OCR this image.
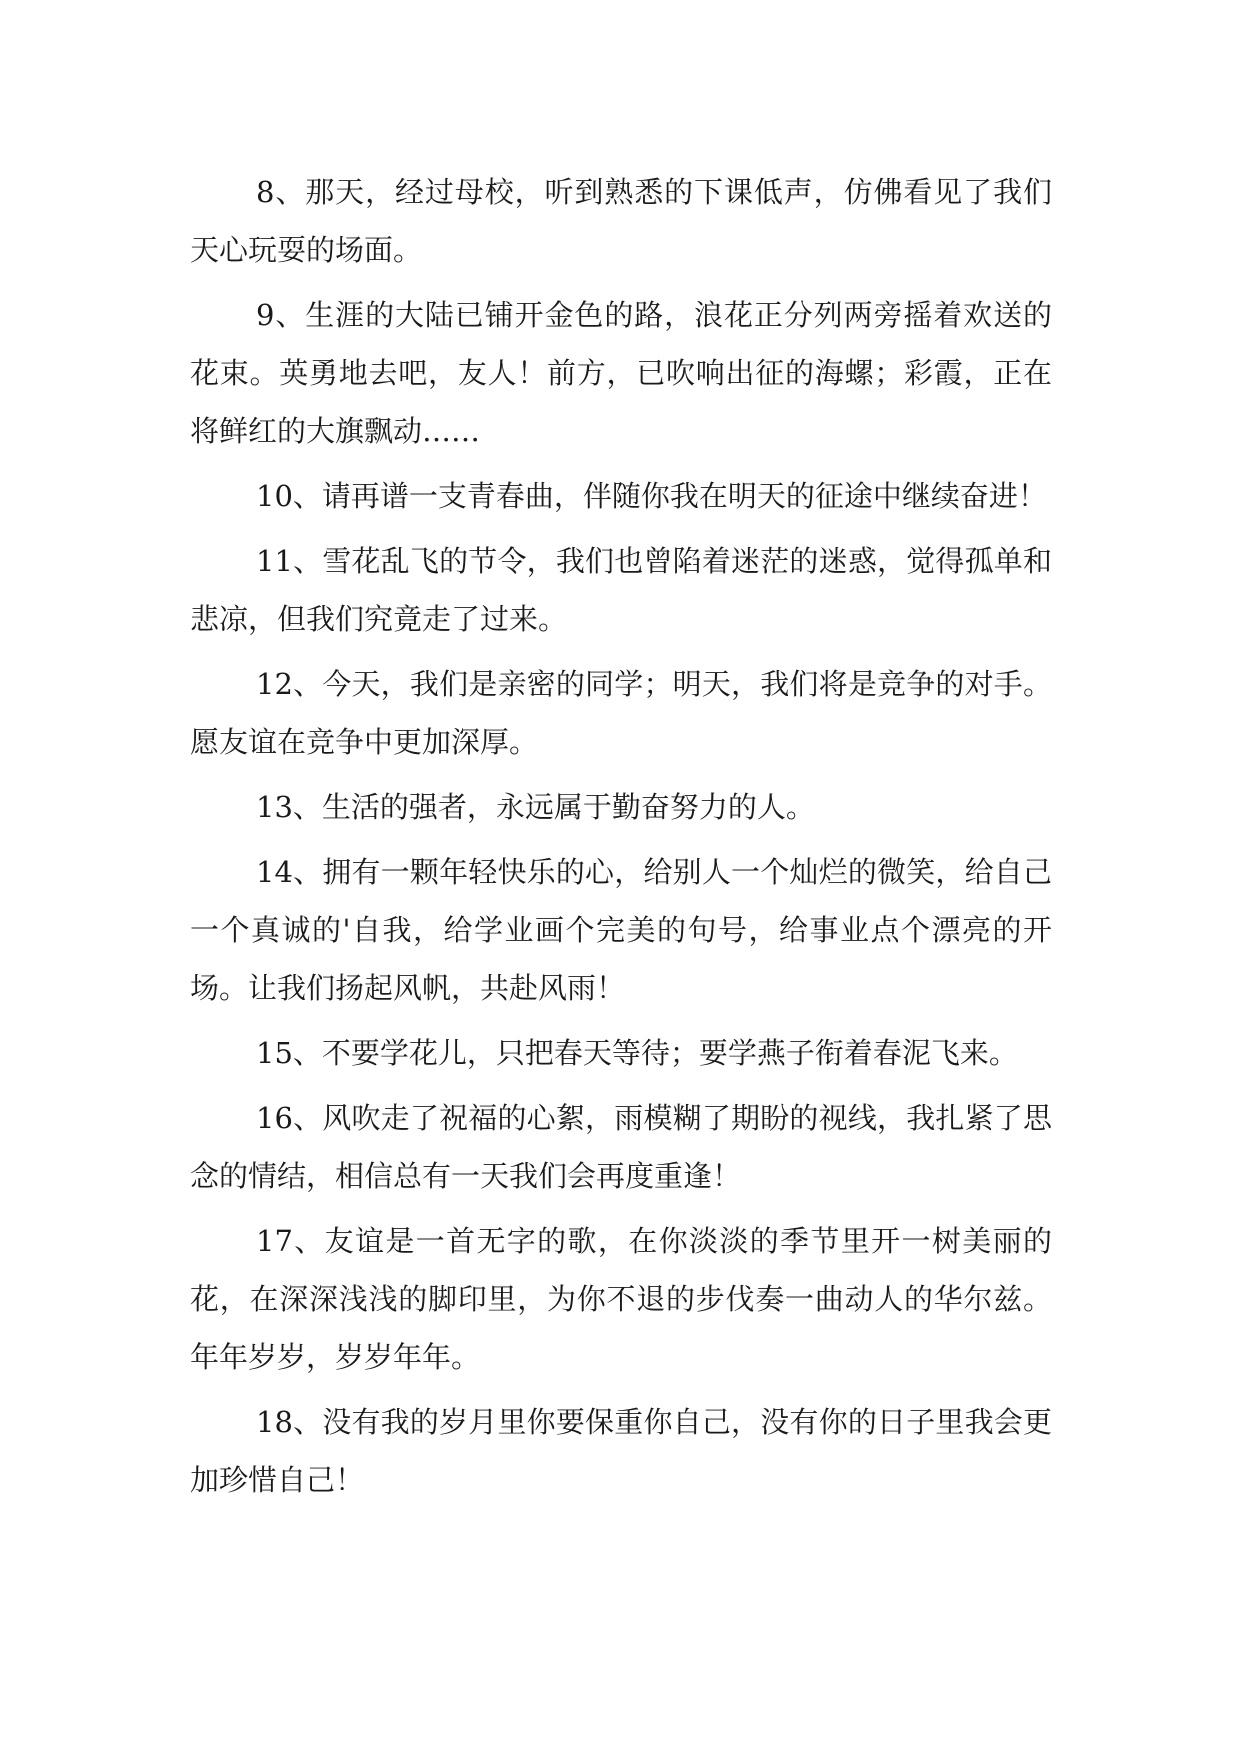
8、那天，经过母校，听到熟悉的下课低声，仿佛看见了我们天心玩耍的场面。

9、生涯的大陆已铺开金色的路，浪花正分列两旁摇着欢送的花束。英勇地去吧，友人！前方，已吹响出征的海螺；彩霞，正在将鲜红的大旗飘动……

10、请再谱一支青春曲，伴随你我在明天的征途中继续奋进！

11、雪花乱飞的节令，我们也曾陷着迷茫的迷惑，觉得孤单和悲凉，但我们究竟走了过来。

12、今天，我们是亲密的同学；明天，我们将是竞争的对手。愿友谊在竞争中更加深厚。

13、生活的强者，永远属于勤奋努力的人。

14、拥有一颗年轻快乐的心，给别人一个灿烂的微笑，给自己一个真诚的'自我，给学业画个完美的句号，给事业点个漂亮的开场。让我们扬起风帆，共赴风雨！

15、不要学花儿，只把春天等待；要学燕子衔着春泥飞来。

16、风吹走了祝福的心絮，雨模糊了期盼的视线，我扎紧了思念的情结，相信总有一天我们会再度重逢！

17、友谊是一首无字的歌，在你淡淡的季节里开一树美丽的花，在深深浅浅的脚印里，为你不退的步伐奏一曲动人的华尔兹。年年岁岁，岁岁年年。

18、没有我的岁月里你要保重你自己，没有你的日子里我会更加珍惜自己！
